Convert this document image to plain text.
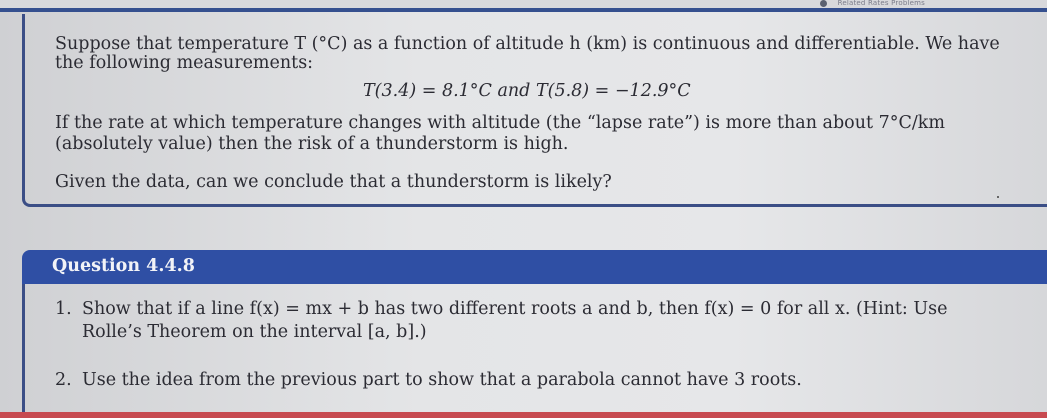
Related Rates Problems
Suppose that temperature T (°C) as a function of altitude h (km) is continuous and differentiable. We have
the following measurements:
T(3.4) = 8.1°C and T(5.8) = −12.9°C
If the rate at which temperature changes with altitude (the “lapse rate”) is more than about 7°C/km
(absolutely value) then the risk of a thunderstorm is high.
Given the data, can we conclude that a thunderstorm is likely?
Question 4.4.8
1. Show that if a line f(x) = mx + b has two different roots a and b, then f(x) = 0 for all x. (Hint: Use
Rolle’s Theorem on the interval [a, b].)
2. Use the idea from the previous part to show that a parabola cannot have 3 roots.
